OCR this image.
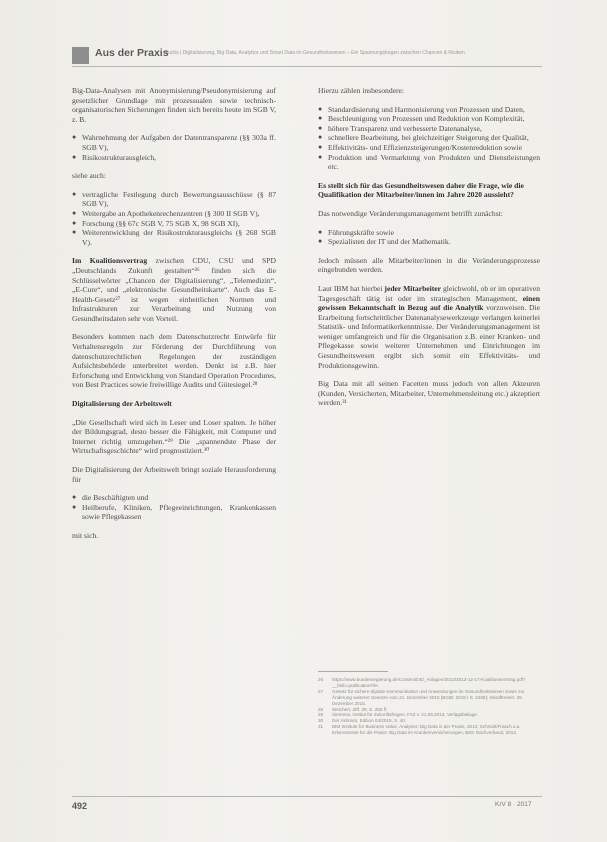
Aus der Praxis
Fuchs | Digitalisierung, Big Data, Analytics und Smart Data im Gesundheitswesen – Ein Spannungsbogen zwischen Chancen & Risiken

Big-Data-Analysen mit Anonymisierung/Pseudonymisierung auf gesetzlicher Grundlage mit prozessualen sowie technisch-organisatorischen Sicherungen finden sich bereits heute im SGB V, z. B.

● Wahrnehmung der Aufgaben der Datentransparenz (§§ 303a ff. SGB V),
● Risikostrukturausgleich,

siehe auch:

● vertragliche Festlegung durch Bewertungsausschüsse (§ 87 SGB V),
● Weitergabe an Apothekenrechenzentren (§ 300 II SGB V),
● Forschung (§§ 67c SGB V, 75 SGB X, 98 SGB XI),
● Weiterentwicklung der Risikostrukturausgleichs (§ 268 SGB V).

Im Koalitionsvertrag zwischen CDU, CSU und SPD „Deutschlands Zukunft gestalten“²⁶ finden sich die Schlüsselwörter „Chancen der Digitalisierung“, „Telemedizin“, „E-Cure“, und „elektronische Gesundheitskarte“. Auch das E-Health-Gesetz²⁷ ist wegen einheitlichen Normen und Infrastrukturen zur Verarbeitung und Nutzung von Gesundheitsdaten sehr von Vorteil.

Besonders kommen nach dem Datenschutzrecht Entwürfe für Verhaltensregeln zur Förderung der Durchführung von datenschutzrechtlichen Regelungen der zuständigen Aufsichtsbehörde unterbreitet werden. Denkt ist z.B. hier Erforschung und Entwicklung von Standard Operation Procedures, von Best Practices sowie freiwillige Audits und Gütesiegel.²⁸

Digitalisierung der Arbeitswelt

„Die Gesellschaft wird sich in Leser und Loser spalten. Je höher der Bildungsgrad, desto besser die Fähigkeit, mit Computer und Internet richtig umzugehen.“²⁹ Die „spannendste Phase der Wirtschaftsgeschichte“ wird prognostiziert.³⁰

Die Digitalisierung der Arbeitswelt bringt soziale Herausforderung für

● die Beschäftigten und
● Heilberufe, Kliniken, Pflegeeinrichtungen, Krankenkassen sowie Pflegekassen

mit sich.

Hierzu zählen insbesondere:

● Standardisierung und Harmonisierung von Prozessen und Daten,
● Beschleunigung von Prozessen und Reduktion von Komplexität,
● höhere Transparenz und verbesserte Datenanalyse,
● schnellere Bearbeitung, bei gleichzeitiger Steigerung der Qualität,
● Effektivitäts- und Effizienzsteigerungen/Kostenreduktion sowie
● Produktion und Vermarktung von Produkten und Dienstleistungen etc.
Es stellt sich für das Gesundheitswesen daher die Frage, wie die Qualifikation der Mitarbeiter/innen im Jahre 2020 aussieht?

Das notwendige Veränderungsmanagement betrifft zunächst:

● Führungskräfte sowie
● Spezialisten der IT und der Mathematik.

Jedoch müssen alle Mitarbeiter/innen in die Veränderungsprozesse eingebunden werden.

Laut IBM hat hierbei jeder Mitarbeiter gleichwohl, ob er im operativen Tagesgeschäft tätig ist oder im strategischen Management, einen gewissen Bekanntschaft in Bezug auf die Analytik vorzuweisen. Die Erarbeitung fortschrittlicher Datenanalysewerkzeuge verlangen keinerlei Statistik- und Informatikerkenntnisse. Der Veränderungsmanagement ist weniger umfangreich und für die Organisation z.B. einer Kranken- und Pflegekasse sowie weiterer Unternehmen und Einrichtungen im Gesundheitswesen ergibt sich somit ein Effektivitäts- und Produktionsgewinn.

Big Data mit all seinen Facetten muss jedoch von allen Akteuren (Kunden, Versicherten, Mitarbeiter, Unternehmensleitung etc.) akzeptiert werden.³¹

26 https://www.bundesregierung.de/Content/DE/_Anlagen/2013/2013-12-17-Koalitionsvertrag.pdf?__blob=publicationFile.
27 Gesetz für sichere digitale Kommunikation und Anwendungen im Gesundheitswesen sowie zur Änderung weiterer Gesetze vom 21. Dezember 2015 (BGBl. 2015 I S. 2408); Inkrafttreten: 29. Dezember 2015.
28 Weichert, Ziff. 29, S. 255 ff.
29 Siemens, Institut für Zukunftsfragen, FAZ v. 21.06.2013, Verlagsbeilage.
30 Der Aktionär, Edition 04/2015, S. 40.
31 IBM Institute for Business Value, Analytics: Big Data in der Praxis, 2013; Schmidt/Frasch u.a. Erkenntnisse für die Praxis: Big Data im Krankenversicherungen, BKK Dachverband, 2013.
492	KrV 8 · 2017
